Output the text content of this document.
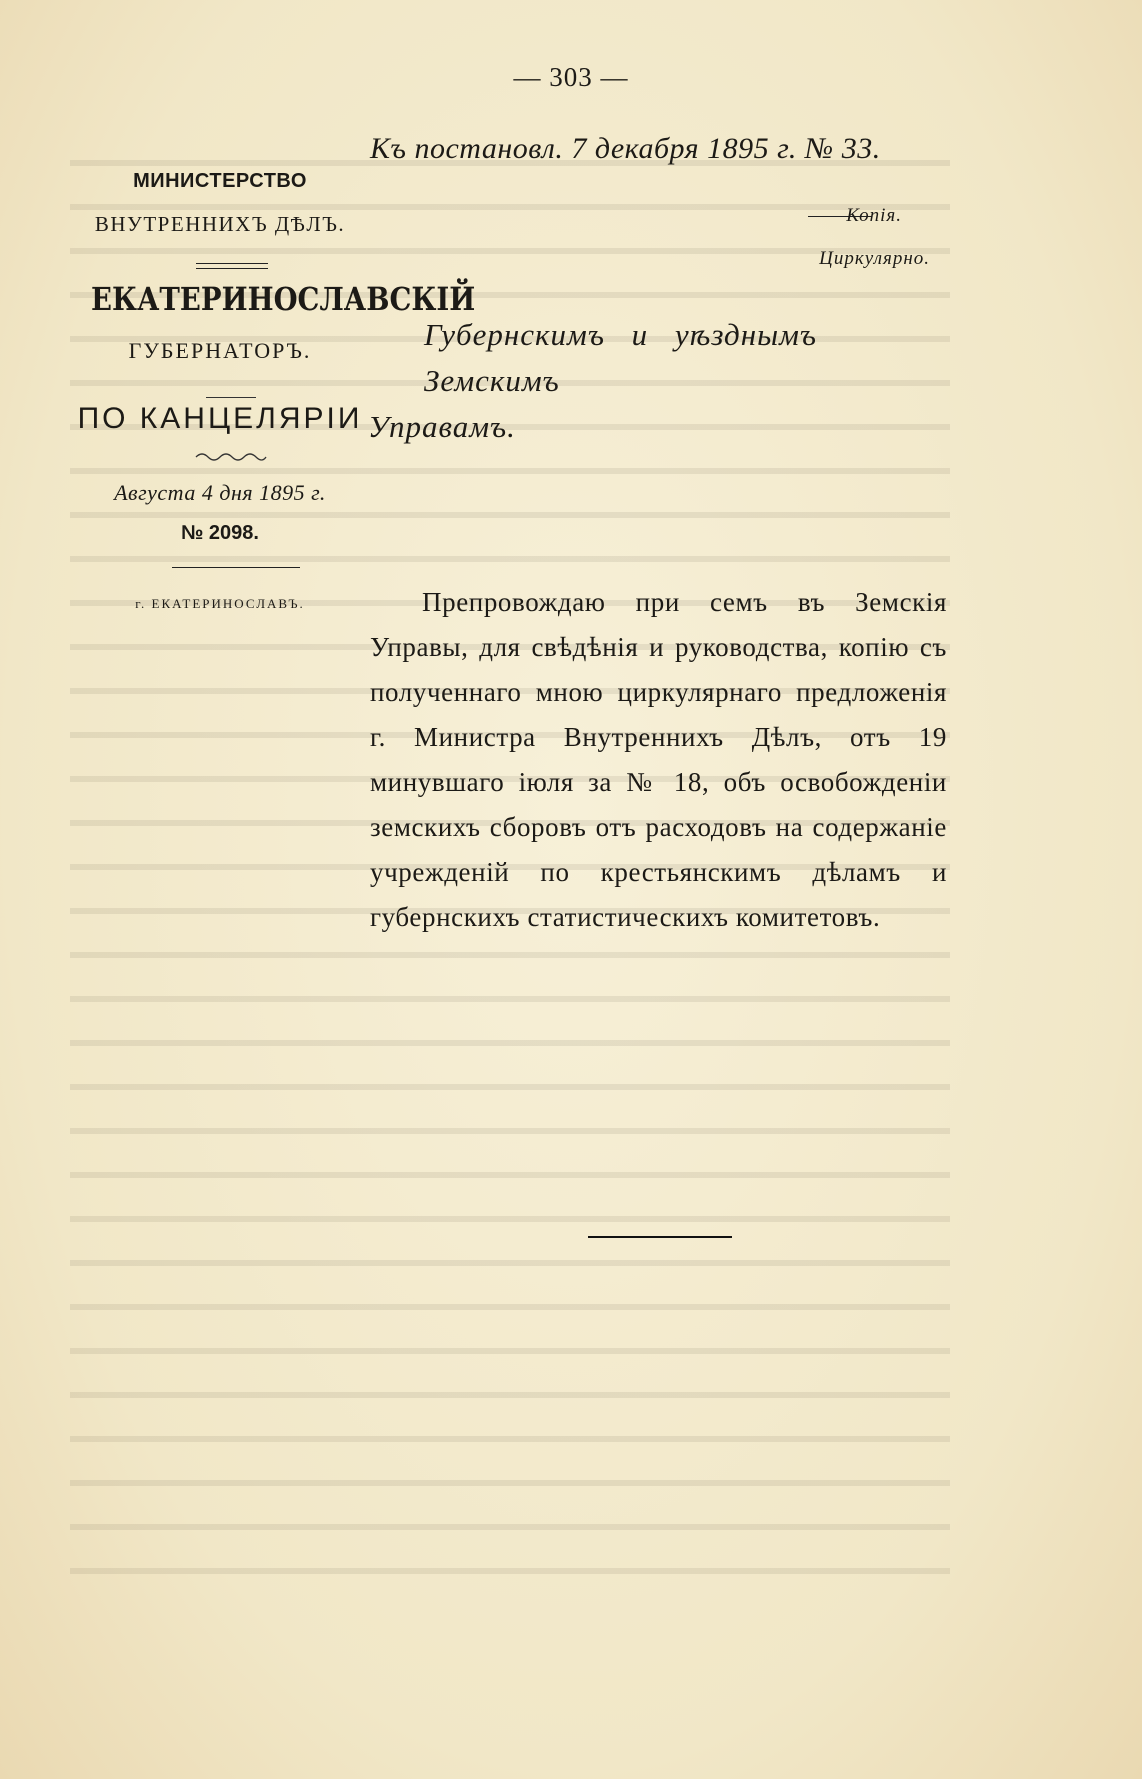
— 303 —
Къ постановл. 7 декабря 1895 г. № 33.
Копія.
Циркулярно.
Губернскимъ и уѣзднымъ Земскимъ
Управамъ.
МИНИСТЕРСТВО
ВНУТРЕННИХЪ ДѢЛЪ.
ЕКАТЕРИНОСЛАВСКІЙ
ГУБЕРНАТОРЪ.
ПО КАНЦЕЛЯРІИ
Августа 4 дня 1895 г.
№ 2098.
г. ЕКАТЕРИНОСЛАВЪ.	Препровождаю при семъ въ Земскія Управы, для свѣдѣнія и руководства, копію съ полученнаго мною циркулярнаго предложенія г. Министра Внутреннихъ Дѣлъ, отъ 19 минувшаго іюля за № 18, объ освобожденіи земскихъ сборовъ отъ расходовъ на содержаніе учрежденій по крестьянскимъ дѣламъ и губернскихъ статистическихъ комитетовъ.
